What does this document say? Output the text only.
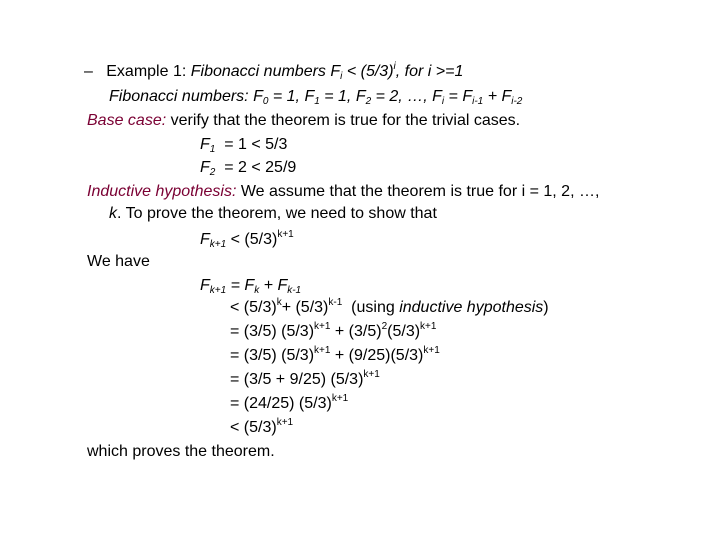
– Example 1: Fibonacci numbers $F_i < (5/3)^i$, for i >=1
Fibonacci numbers: $F_0 = 1$, $F_1 = 1$, $F_2 = 2$, …, $F_i = F_{i-1} + F_{i-2}$
Base case: verify that the theorem is true for the trivial cases.
$F_1 = 1 < 5/3$
$F_2 = 2 < 25/9$
Inductive hypothesis: We assume that the theorem is true for i = 1, 2, …,
k. To prove the theorem, we need to show that
$F_{k+1} < (5/3)^{k+1}$
We have
$F_{k+1} = F_k + F_{k-1}$
< $(5/3)^k+ (5/3)^{k-1}$  (using inductive hypothesis)
= (3/5) $(5/3)^{k+1} + (3/5)^2(5/3)^{k+1}$
= (3/5) $(5/3)^{k+1} + (9/25)(5/3)^{k+1}$
= (3/5 + 9/25) $(5/3)^{k+1}$
= (24/25) $(5/3)^{k+1}$
< $(5/3)^{k+1}$
which proves the theorem.
